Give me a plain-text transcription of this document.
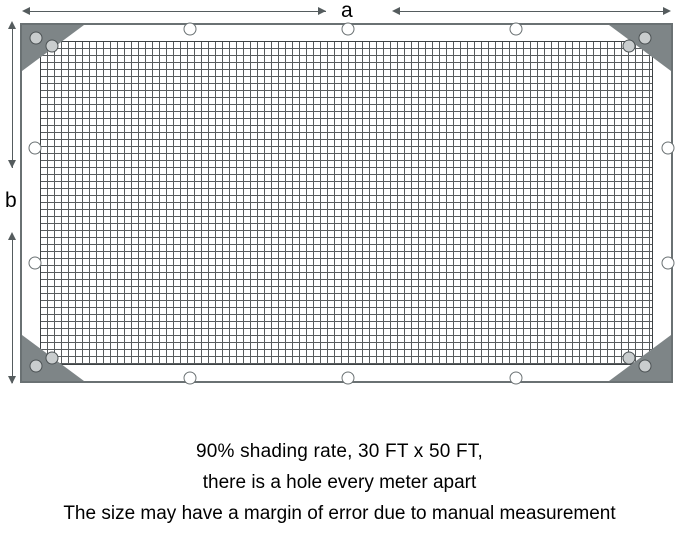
a
b
90% shading rate, 30 FT x 50 FT,
there is a hole every meter apart
The size may have a margin of error due to manual measurement
